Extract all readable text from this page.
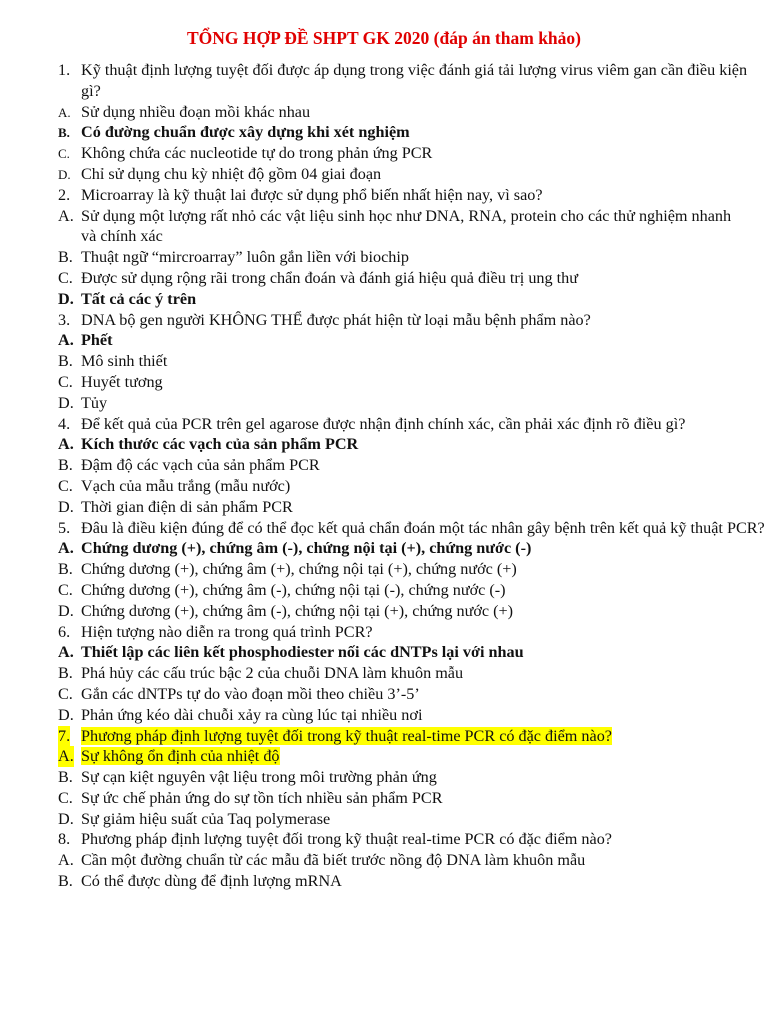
TỔNG HỢP ĐỀ SHPT GK 2020 (đáp án tham khảo)
1. Kỹ thuật định lượng tuyệt đối được áp dụng trong việc đánh giá tải lượng virus viêm gan cần điều kiện gì?
A. Sử dụng nhiều đoạn mồi khác nhau
B. Có đường chuẩn được xây dựng khi xét nghiệm
C. Không chứa các nucleotide tự do trong phản ứng PCR
D. Chỉ sử dụng chu kỳ nhiệt độ gồm 04 giai đoạn
2. Microarray là kỹ thuật lai được sử dụng phổ biến nhất hiện nay, vì sao?
A. Sử dụng một lượng rất nhỏ các vật liệu sinh học như DNA, RNA, protein cho các thử nghiệm nhanh và chính xác
B. Thuật ngữ “mircroarray” luôn gắn liền với biochip
C. Được sử dụng rộng rãi trong chẩn đoán và đánh giá hiệu quả điều trị ung thư
D. Tất cả các ý trên
3. DNA bộ gen người KHÔNG THỂ được phát hiện từ loại mẫu bệnh phẩm nào?
A. Phết
B. Mô sinh thiết
C. Huyết tương
D. Tủy
4. Để kết quả của PCR trên gel agarose được nhận định chính xác, cần phải xác định rõ điều gì?
A. Kích thước các vạch của sản phẩm PCR
B. Đậm độ các vạch của sản phẩm PCR
C. Vạch của mẫu trắng (mẫu nước)
D. Thời gian điện di sản phẩm PCR
5. Đâu là điều kiện đúng để có thể đọc kết quả chẩn đoán một tác nhân gây bệnh trên kết quả kỹ thuật PCR?
A. Chứng dương (+), chứng âm (-), chứng nội tại (+), chứng nước (-)
B. Chứng dương (+), chứng âm (+), chứng nội tại (+), chứng nước (+)
C. Chứng dương (+), chứng âm (-), chứng nội tại (-), chứng nước (-)
D. Chứng dương (+), chứng âm (-), chứng nội tại (+), chứng nước (+)
6. Hiện tượng nào diễn ra trong quá trình PCR?
A. Thiết lập các liên kết phosphodiester nối các dNTPs lại với nhau
B. Phá hủy các cấu trúc bậc 2 của chuỗi DNA làm khuôn mẫu
C. Gắn các dNTPs tự do vào đoạn mồi theo chiều 3’-5’
D. Phản ứng kéo dài chuỗi xảy ra cùng lúc tại nhiều nơi
7. Phương pháp định lượng tuyệt đối trong kỹ thuật real-time PCR có đặc điểm nào?
A. Sự không ổn định của nhiệt độ
B. Sự cạn kiệt nguyên vật liệu trong môi trường phản ứng
C. Sự ức chế phản ứng do sự tồn tích nhiều sản phẩm PCR
D. Sự giảm hiệu suất của Taq polymerase
8. Phương pháp định lượng tuyệt đối trong kỹ thuật real-time PCR có đặc điểm nào?
A. Cần một đường chuẩn từ các mẫu đã biết trước nồng độ DNA làm khuôn mẫu
B. Có thể được dùng để định lượng mRNA
